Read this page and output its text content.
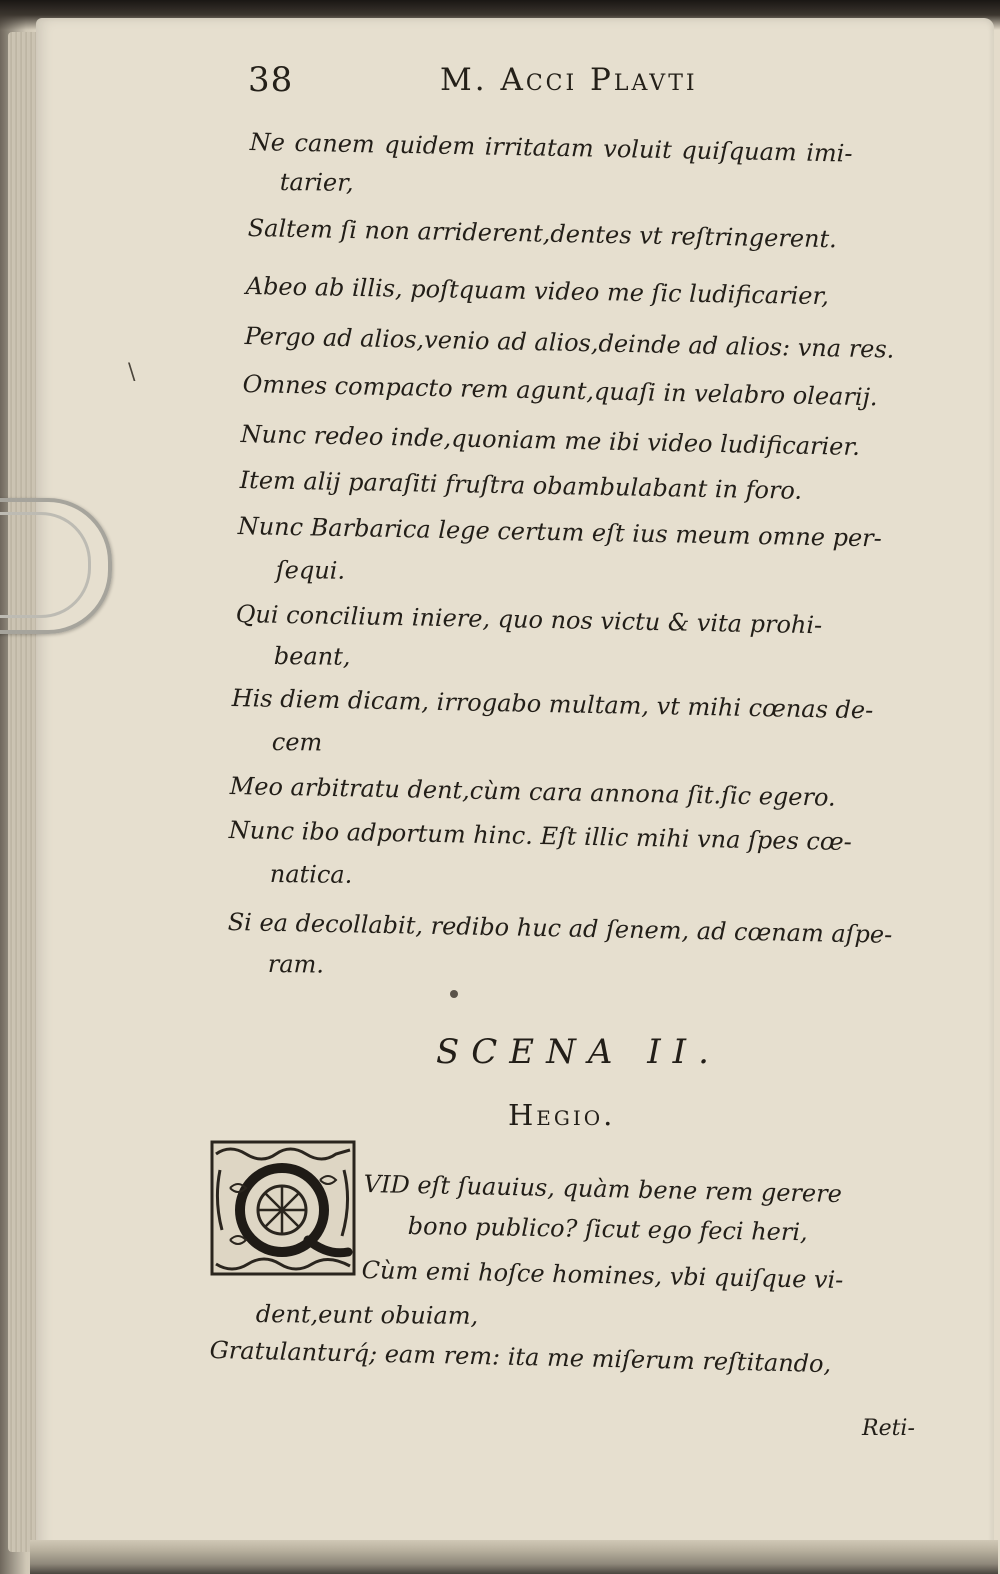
38	M. Acci Plavti
Ne canem quidem irritatam voluit quiſquam imi-
tarier,
Saltem ſi non arriderent,dentes vt reſtringerent.
Abeo ab illis, poſtquam video me ſic ludificarier,
Pergo ad alios,venio ad alios,deinde ad alios: vna res.
Omnes compacto rem agunt,quaſi in velabro olearij.
Nunc redeo inde,quoniam me ibi video ludificarier.
Item alij paraſiti fruſtra obambulabant in foro.
Nunc Barbarica lege certum eſt ius meum omne per-
ſequi.
Qui concilium iniere, quo nos victu & vita prohi-
beant,
His diem dicam, irrogabo multam, vt mihi cœnas de-
cem
Meo arbitratu dent,cùm cara annona ſit.ſic egero.
Nunc ibo adportum hinc. Eſt illic mihi vna ſpes cœ-
natica.
Si ea decollabit, redibo huc ad ſenem, ad cœnam aſpe-
ram.
\
SCENA II.
Hegio.
VID eſt ſuauius, quàm bene rem gerere
bono publico? ſicut ego feci heri,
Cùm emi hoſce homines, vbi quiſque vi-
dent,eunt obuiam,
Gratulanturq́; eam rem: ita me miſerum reſtitando,
Reti-
